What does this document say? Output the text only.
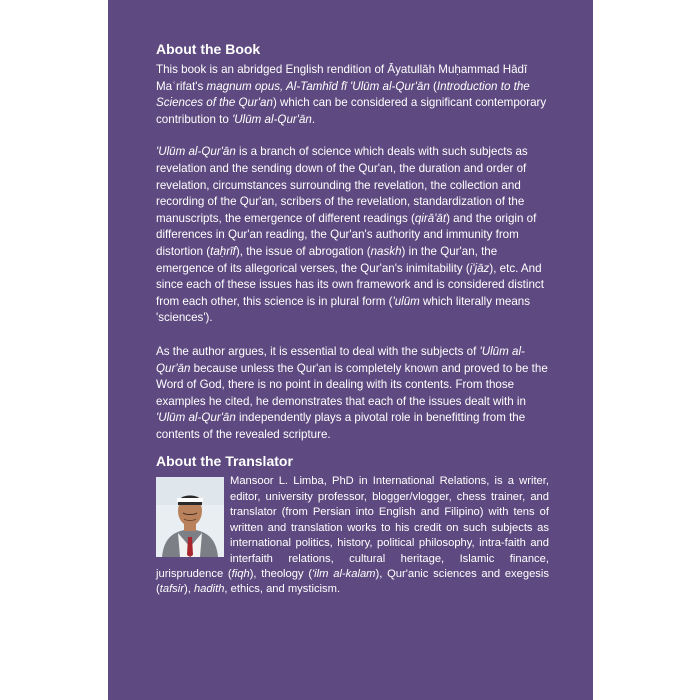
About the Book

This book is an abridged English rendition of Āyatullāh Muḥammad Hādī Maʿrifat's magnum opus, Al-Tamhīd fī 'Ulūm al-Qur'ān (Introduction to the Sciences of the Qur'an) which can be considered a significant contemporary contribution to 'Ulūm al-Qur'ān.

'Ulūm al-Qur'ān is a branch of science which deals with such subjects as revelation and the sending down of the Qur'an, the duration and order of revelation, circumstances surrounding the revelation, the collection and recording of the Qur'an, scribers of the revelation, standardization of the manuscripts, the emergence of different readings (qirā'āt) and the origin of differences in Qur'an reading, the Qur'an's authority and immunity from distortion (taḥrīf), the issue of abrogation (naskh) in the Qur'an, the emergence of its allegorical verses, the Qur'an's inimitability (i'jāz), etc. And since each of these issues has its own framework and is considered distinct from each other, this science is in plural form ('ulūm which literally means 'sciences').

As the author argues, it is essential to deal with the subjects of 'Ulūm al-Qur'ān because unless the Qur'an is completely known and proved to be the Word of God, there is no point in dealing with its contents. From those examples he cited, he demonstrates that each of the issues dealt with in 'Ulūm al-Qur'ān independently plays a pivotal role in benefitting from the contents of the revealed scripture.

About the Translator

Mansoor L. Limba, PhD in International Relations, is a writer, editor, university professor, blogger/vlogger, chess trainer, and translator (from Persian into English and Filipino) with tens of written and translation works to his credit on such subjects as international politics, history, political philosophy, intra-faith and interfaith relations, cultural heritage, Islamic finance, jurisprudence (fiqh), theology ('ilm al-kalam), Qur'anic sciences and exegesis (tafsir), hadith, ethics, and mysticism.
